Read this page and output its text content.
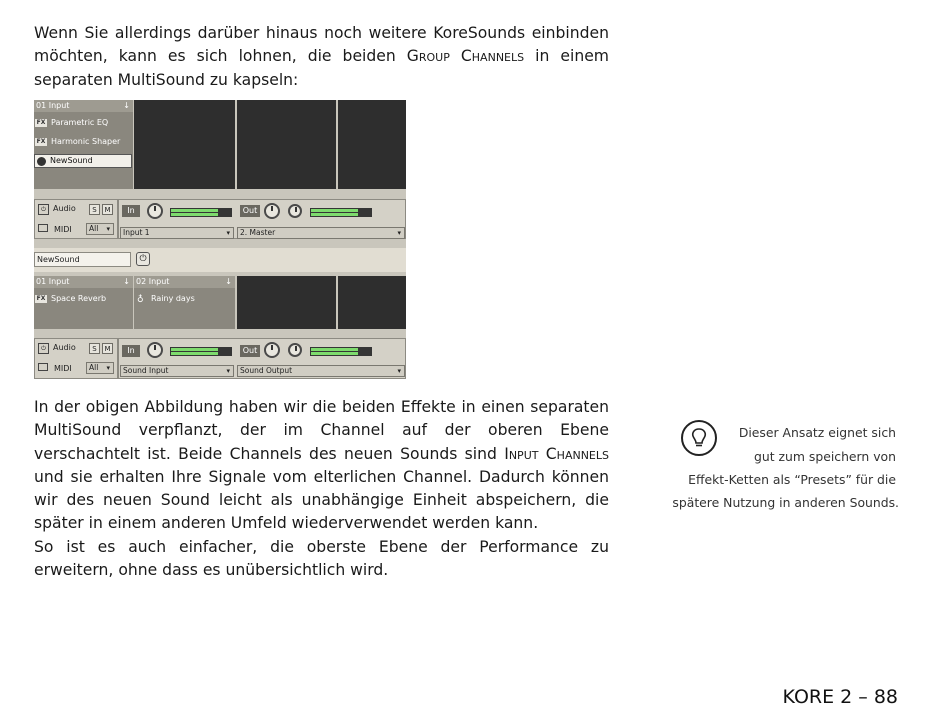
Wenn Sie allerdings darüber hinaus noch weitere KoreSounds einbinden möchten, kann es sich lohnen, die beiden Group Channels in einem separaten MultiSound zu kapseln:

01 Input	↓
FX Parametric EQ
FX Harmonic Shaper
NewSound
⏻ Audio	S	M
MIDI	All ▾
In	Out
Input 1	▾	2. Master	▾
NewSound	⏻
01 Input	↓
FX Space Reverb
02 Input	↓
♁ Rainy days
⏻ Audio	S	M
MIDI	All ▾
In	Out
Sound Input	▾	Sound Output	▾

In der obigen Abbildung haben wir die beiden Effekte in einen separaten MultiSound verpflanzt, der im Channel auf der oberen Ebene verschachtelt ist. Beide Channels des neuen Sounds sind Input Channels und sie erhalten Ihre Signale vom elterlichen Channel. Dadurch können wir des neuen Sound leicht als unabhängige Einheit abspeichern, die später in einem anderen Umfeld wiederverwendet werden kann.
So ist es auch einfacher, die oberste Ebene der Performance zu erweitern, ohne dass es unübersichtlich wird.

Dieser Ansatz eignet sich
gut zum speichern von
Effekt-Ketten als “Presets” für die
spätere Nutzung in anderen Sounds.
KORE 2 – 88
